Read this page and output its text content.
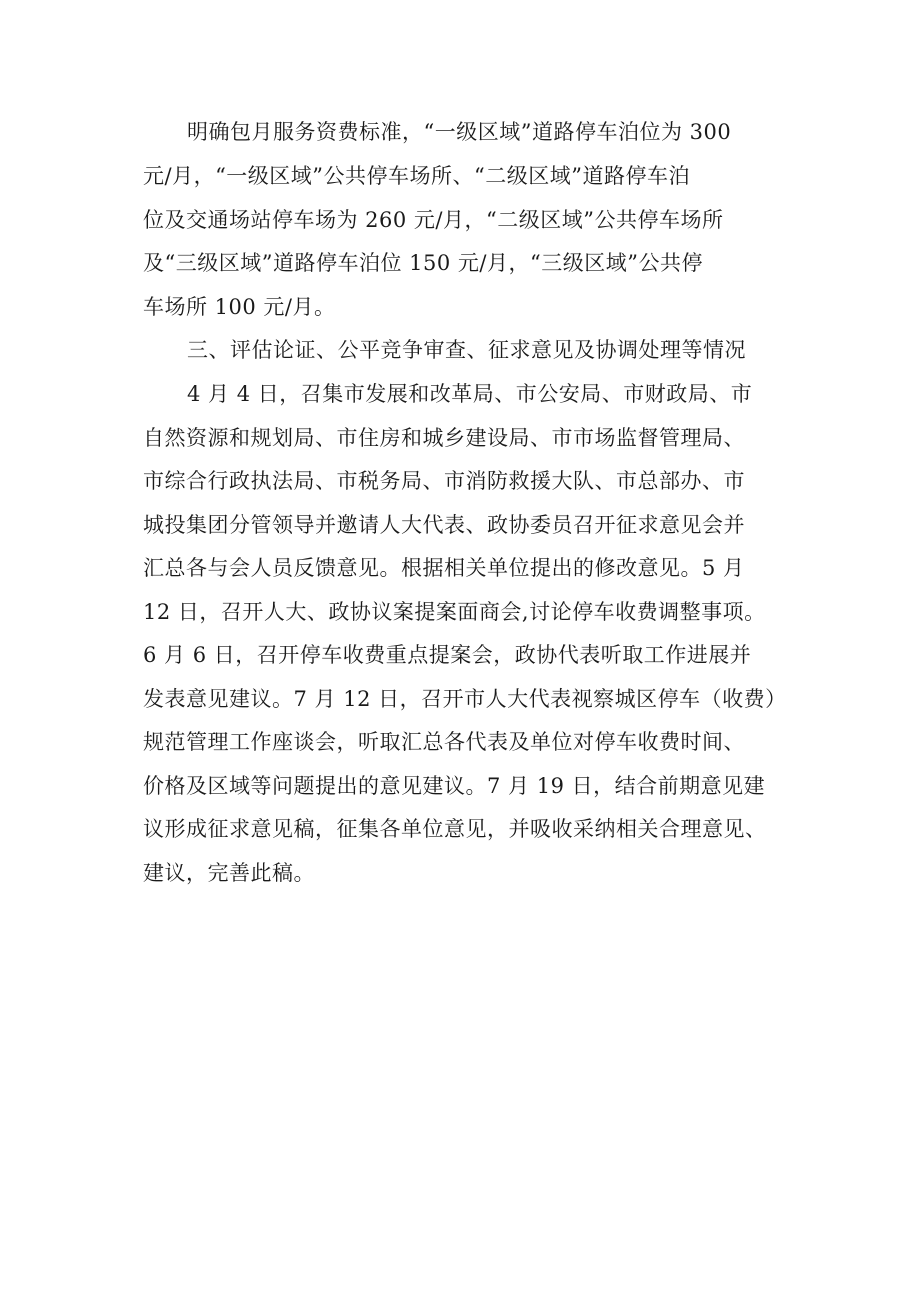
明确包月服务资费标准，“一级区域”道路停车泊位为 300
元/月，“一级区域”公共停车场所、“二级区域”道路停车泊
位及交通场站停车场为 260 元/月，“二级区域”公共停车场所
及“三级区域”道路停车泊位 150 元/月，“三级区域”公共停
车场所 100 元/月。
三、评估论证、公平竞争审查、征求意见及协调处理等情况
4 月 4 日，召集市发展和改革局、市公安局、市财政局、市
自然资源和规划局、市住房和城乡建设局、市市场监督管理局、
市综合行政执法局、市税务局、市消防救援大队、市总部办、市
城投集团分管领导并邀请人大代表、政协委员召开征求意见会并
汇总各与会人员反馈意见。根据相关单位提出的修改意见。5 月
12 日，召开人大、政协议案提案面商会,讨论停车收费调整事项。
6 月 6 日，召开停车收费重点提案会，政协代表听取工作进展并
发表意见建议。7 月 12 日，召开市人大代表视察城区停车（收费）
规范管理工作座谈会，听取汇总各代表及单位对停车收费时间、
价格及区域等问题提出的意见建议。7 月 19 日，结合前期意见建
议形成征求意见稿，征集各单位意见，并吸收采纳相关合理意见、
建议，完善此稿。
